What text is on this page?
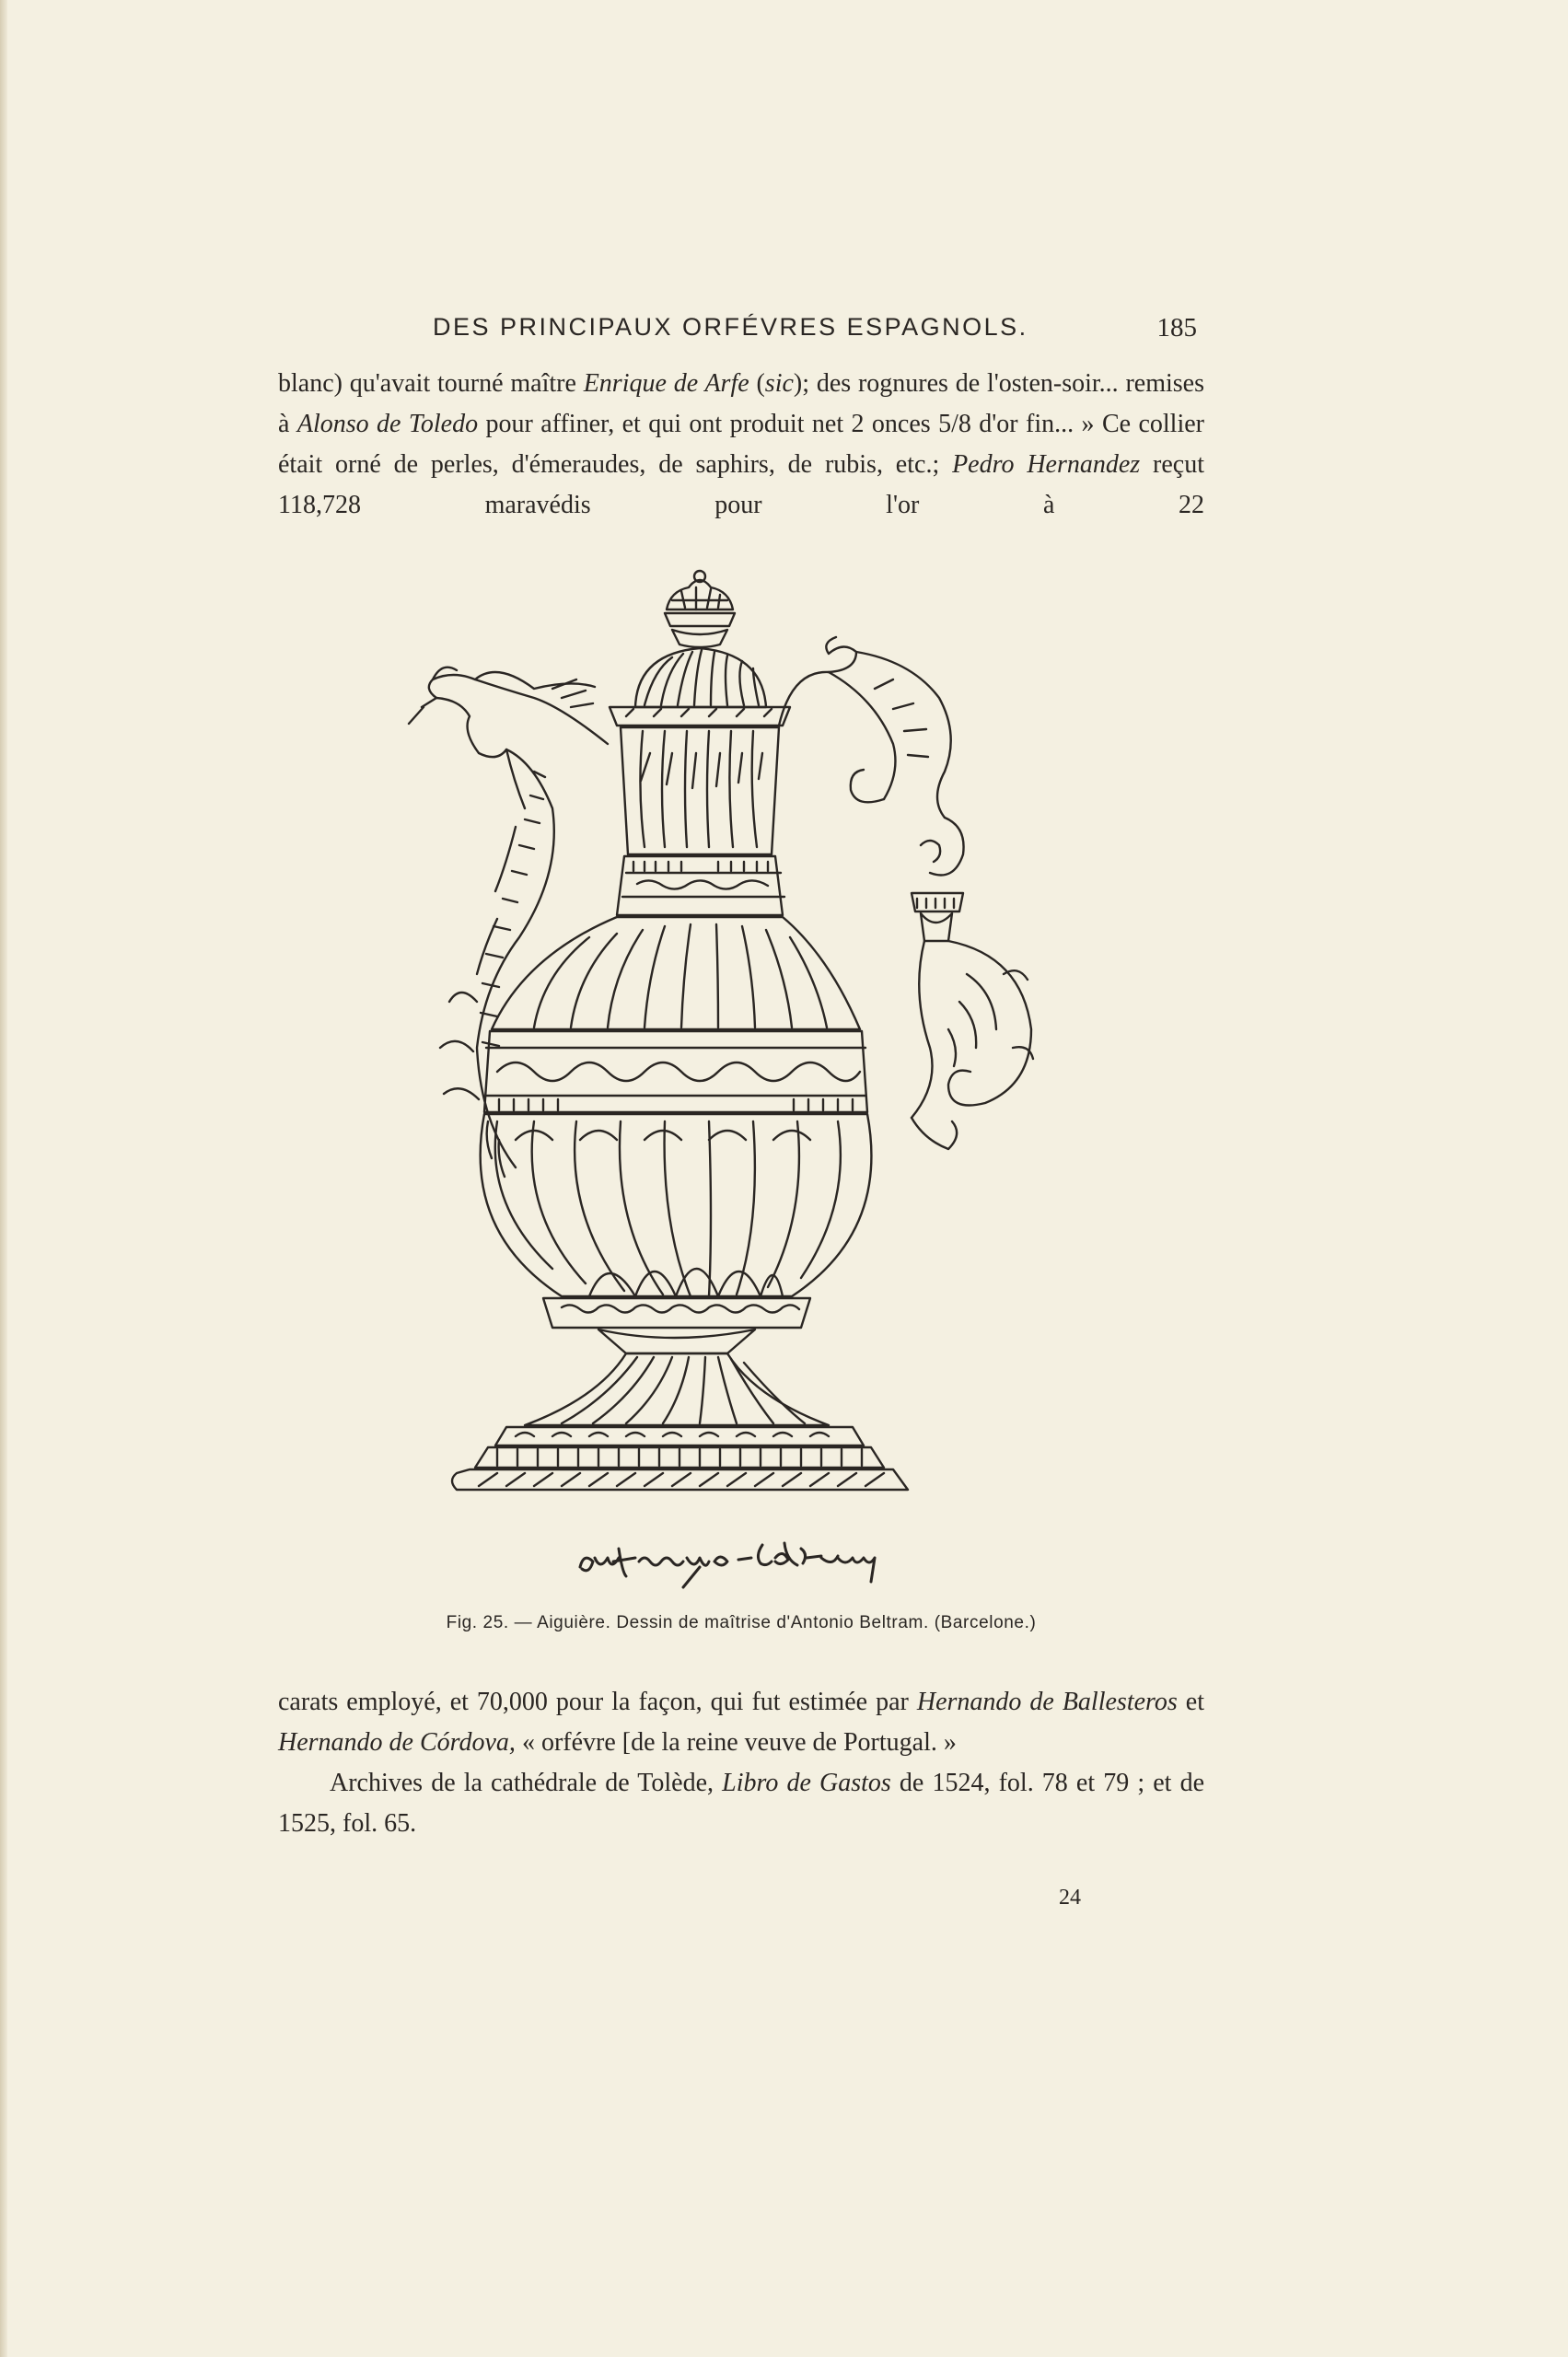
DES PRINCIPAUX ORFÉVRES ESPAGNOLS.	185

blanc) qu'avait tourné maître Enrique de Arfe (sic); des rognures de l'osten-soir... remises à Alonso de Toledo pour affiner, et qui ont produit net 2 onces 5/8 d'or fin... » Ce collier était orné de perles, d'émeraudes, de saphirs, de rubis, etc.; Pedro Hernandez reçut 118,728 maravédis pour l'or à 22

Fig. 25. — Aiguière. Dessin de maîtrise d'Antonio Beltram. (Barcelone.)

carats employé, et 70,000 pour la façon, qui fut estimée par Hernando de Ballesteros et Hernando de Córdova, « orfévre [de la reine veuve de Portugal. »

Archives de la cathédrale de Tolède, Libro de Gastos de 1524, fol. 78 et 79 ; et de 1525, fol. 65.

24
